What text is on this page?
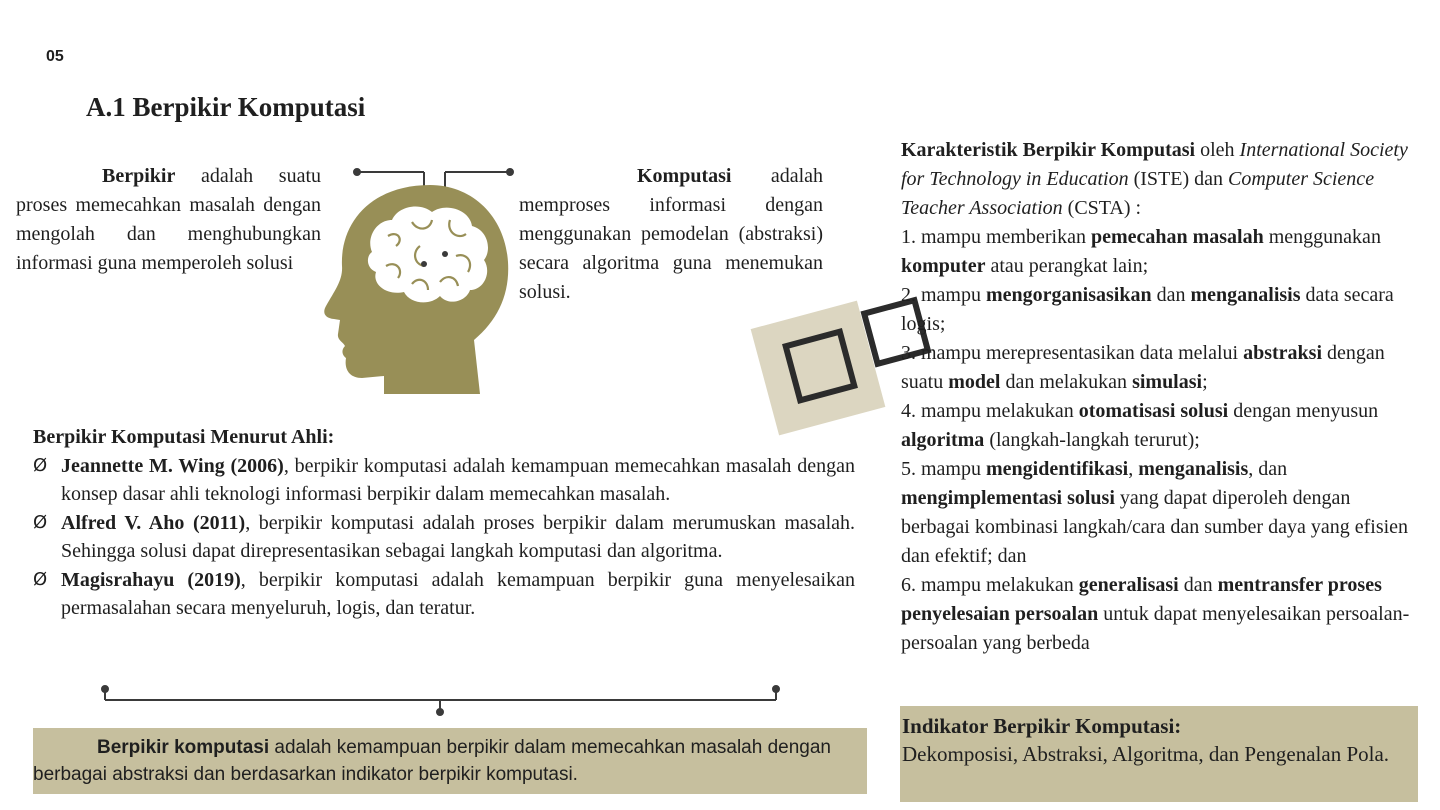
05
A.1 Berpikir Komputasi
Berpikir adalah suatu proses memecahkan masalah dengan mengolah dan menghubungkan informasi guna memperoleh solusi
Komputasi adalah memproses informasi dengan menggunakan pemodelan (abstraksi) secara algoritma guna menemukan solusi.
Berpikir Komputasi Menurut Ahli:
Ø Jeannette M. Wing (2006), berpikir komputasi adalah kemampuan memecahkan masalah dengan konsep dasar ahli teknologi informasi berpikir dalam memecahkan masalah.
Ø Alfred V. Aho (2011), berpikir komputasi adalah proses berpikir dalam merumuskan masalah. Sehingga solusi dapat direpresentasikan sebagai langkah komputasi dan algoritma.
Ø Magisrahayu (2019), berpikir komputasi adalah kemampuan berpikir guna menyelesaikan permasalahan secara menyeluruh, logis, dan teratur.
Berpikir komputasi adalah kemampuan berpikir dalam memecahkan masalah dengan berbagai abstraksi dan berdasarkan indikator berpikir komputasi.
Karakteristik Berpikir Komputasi oleh International Society for Technology in Education (ISTE) dan Computer Science Teacher Association (CSTA) :
1. mampu memberikan pemecahan masalah menggunakan komputer atau perangkat lain;
2. mampu mengorganisasikan dan menganalisis data secara logis;
3. mampu merepresentasikan data melalui abstraksi dengan suatu model dan melakukan simulasi;
4. mampu melakukan otomatisasi solusi dengan menyusun algoritma (langkah-langkah terurut);
5. mampu mengidentifikasi, menganalisis, dan mengimplementasi solusi yang dapat diperoleh dengan berbagai kombinasi langkah/cara dan sumber daya yang efisien dan efektif; dan
6. mampu melakukan generalisasi dan mentransfer proses penyelesaian persoalan untuk dapat menyelesaikan persoalan-persoalan yang berbeda
Indikator Berpikir Komputasi:
Dekomposisi, Abstraksi, Algoritma, dan Pengenalan Pola.
